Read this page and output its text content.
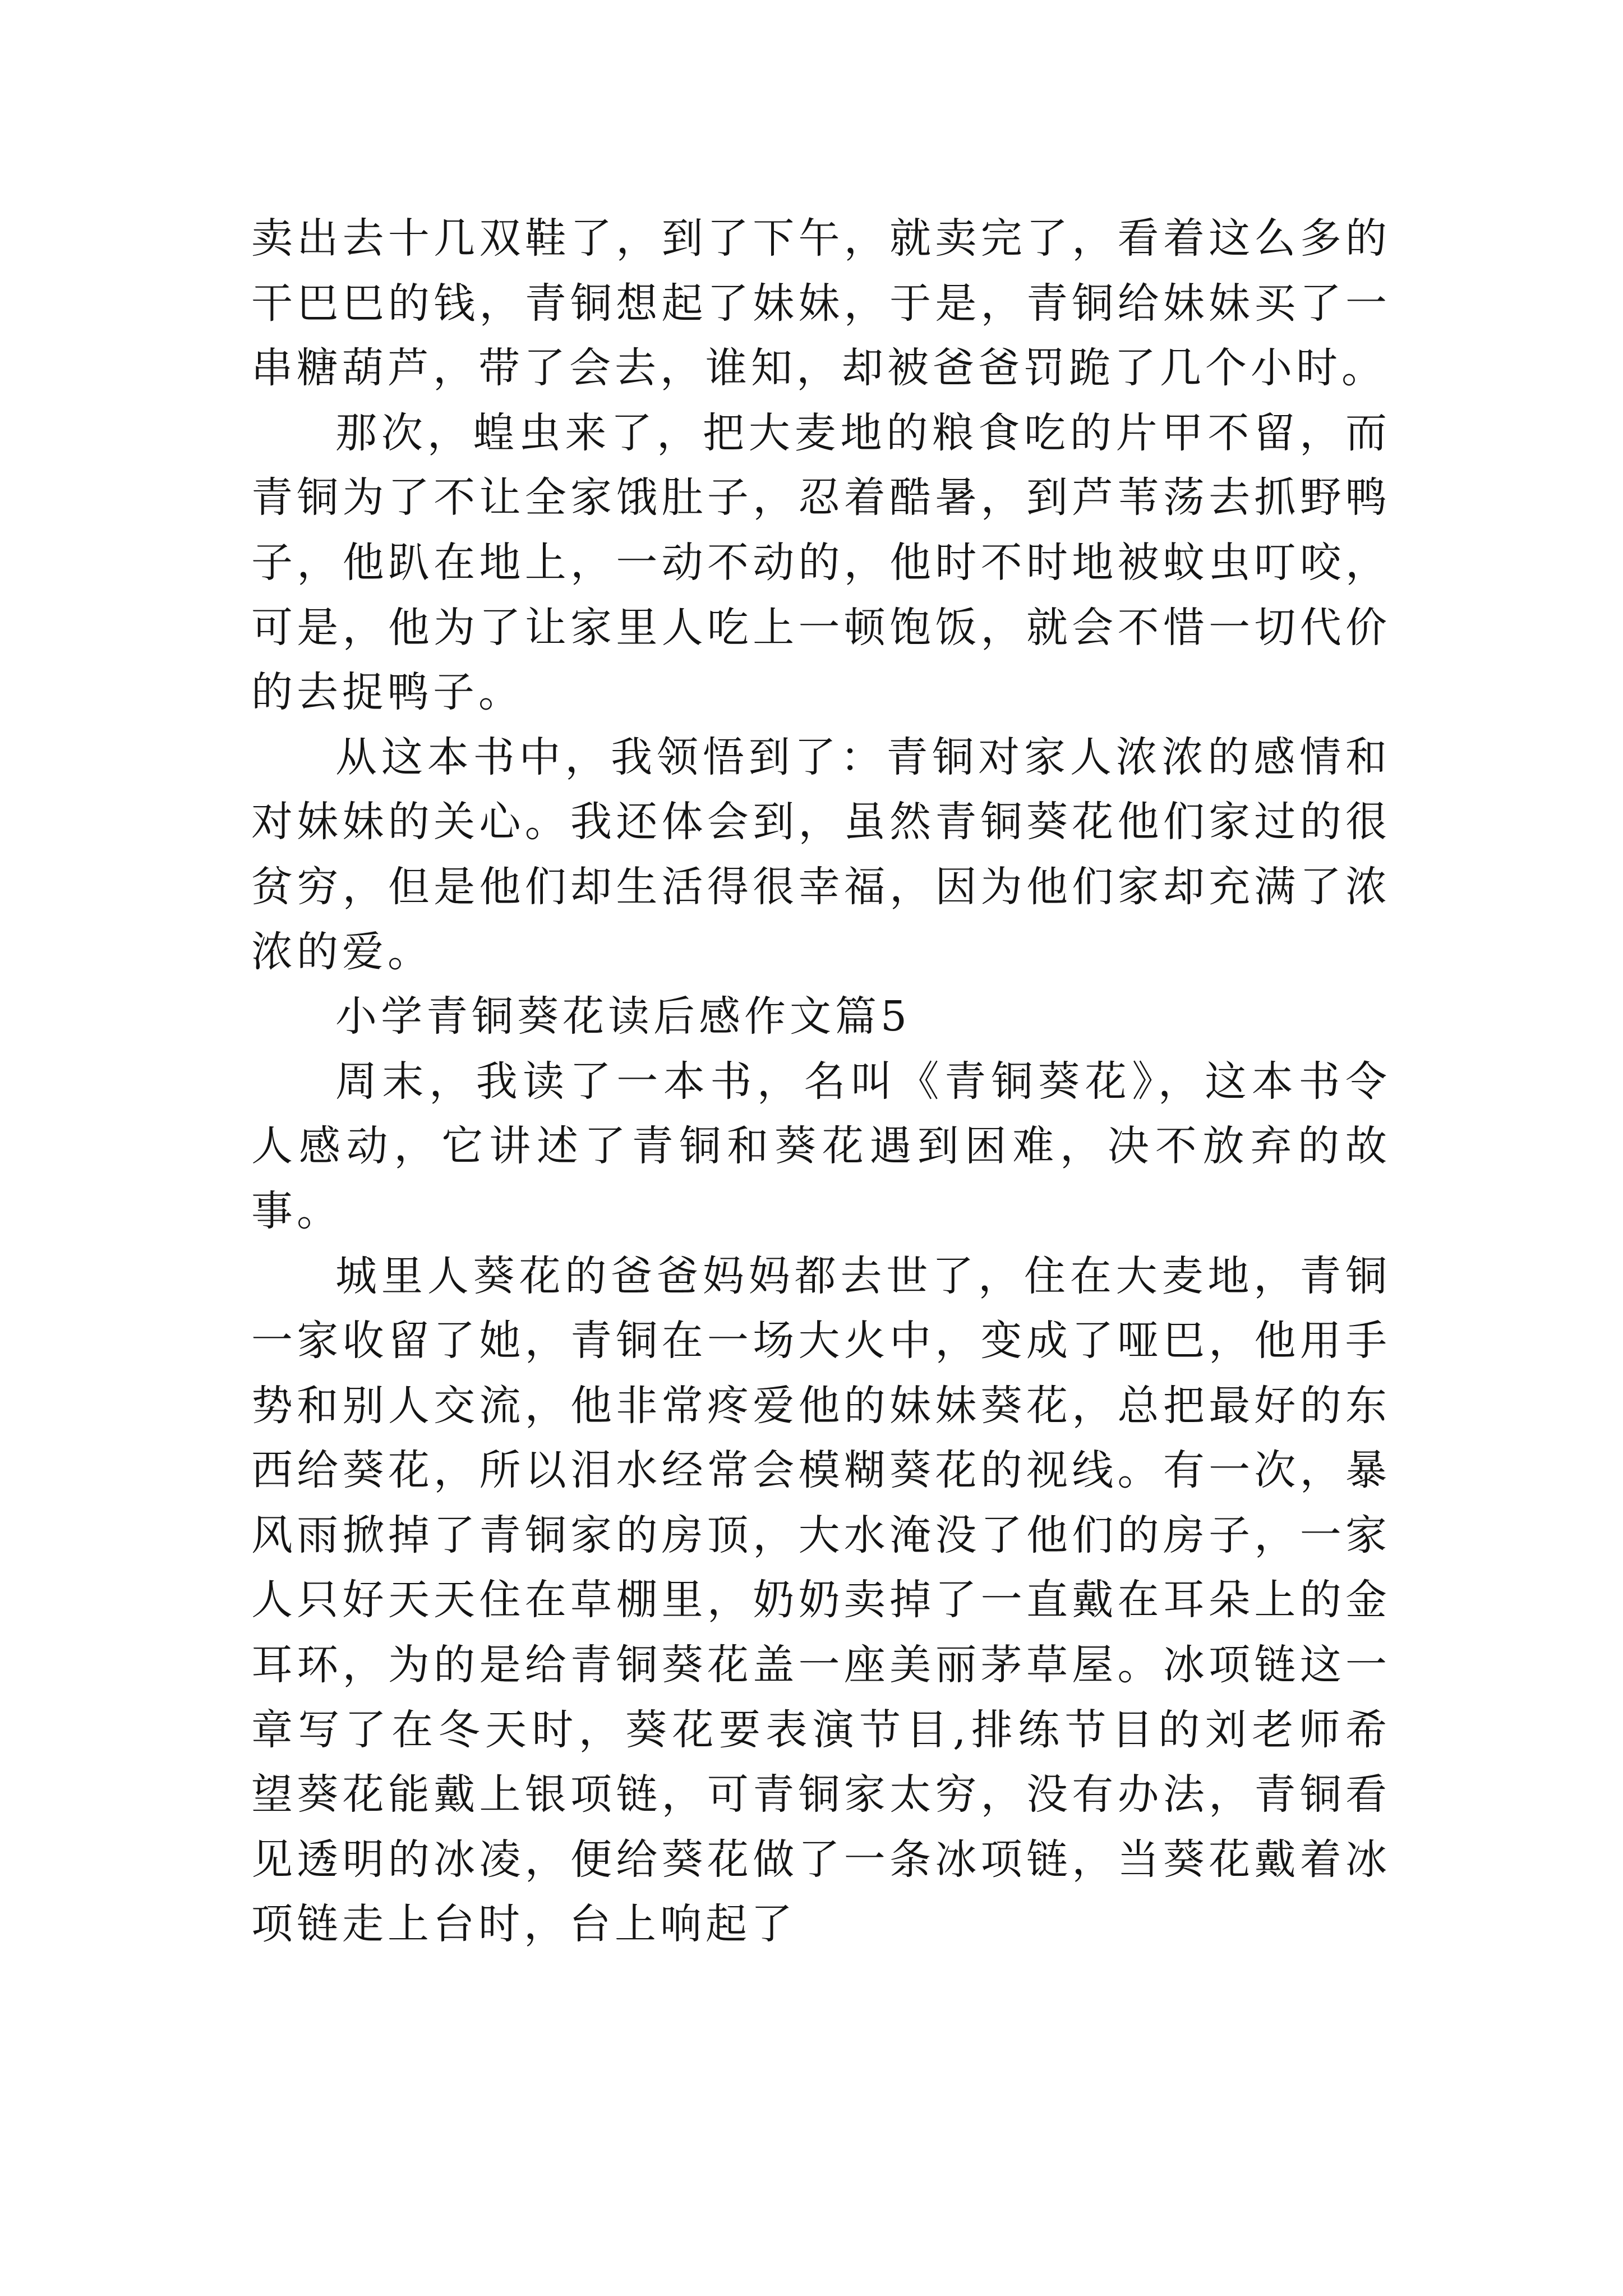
卖出去十几双鞋了，到了下午，就卖完了，看着这么多的干巴巴的钱，青铜想起了妹妹，于是，青铜给妹妹买了一串糖葫芦，带了会去，谁知，却被爸爸罚跪了几个小时。

那次，蝗虫来了，把大麦地的粮食吃的片甲不留，而青铜为了不让全家饿肚子，忍着酷暑，到芦苇荡去抓野鸭子，他趴在地上，一动不动的，他时不时地被蚊虫叮咬，可是，他为了让家里人吃上一顿饱饭，就会不惜一切代价的去捉鸭子。

从这本书中，我领悟到了：青铜对家人浓浓的感情和对妹妹的关心。我还体会到，虽然青铜葵花他们家过的很贫穷，但是他们却生活得很幸福，因为他们家却充满了浓浓的爱。

小学青铜葵花读后感作文篇5

周末，我读了一本书，名叫《青铜葵花》，这本书令人感动，它讲述了青铜和葵花遇到困难，决不放弃的故事。

城里人葵花的爸爸妈妈都去世了，住在大麦地，青铜一家收留了她，青铜在一场大火中，变成了哑巴，他用手势和别人交流，他非常疼爱他的妹妹葵花，总把最好的东西给葵花，所以泪水经常会模糊葵花的视线。有一次，暴风雨掀掉了青铜家的房顶，大水淹没了他们的房子，一家人只好天天住在草棚里，奶奶卖掉了一直戴在耳朵上的金耳环，为的是给青铜葵花盖一座美丽茅草屋。冰项链这一章写了在冬天时，葵花要表演节目,排练节目的刘老师希望葵花能戴上银项链，可青铜家太穷，没有办法，青铜看见透明的冰凌，便给葵花做了一条冰项链，当葵花戴着冰项链走上台时，台上响起了
